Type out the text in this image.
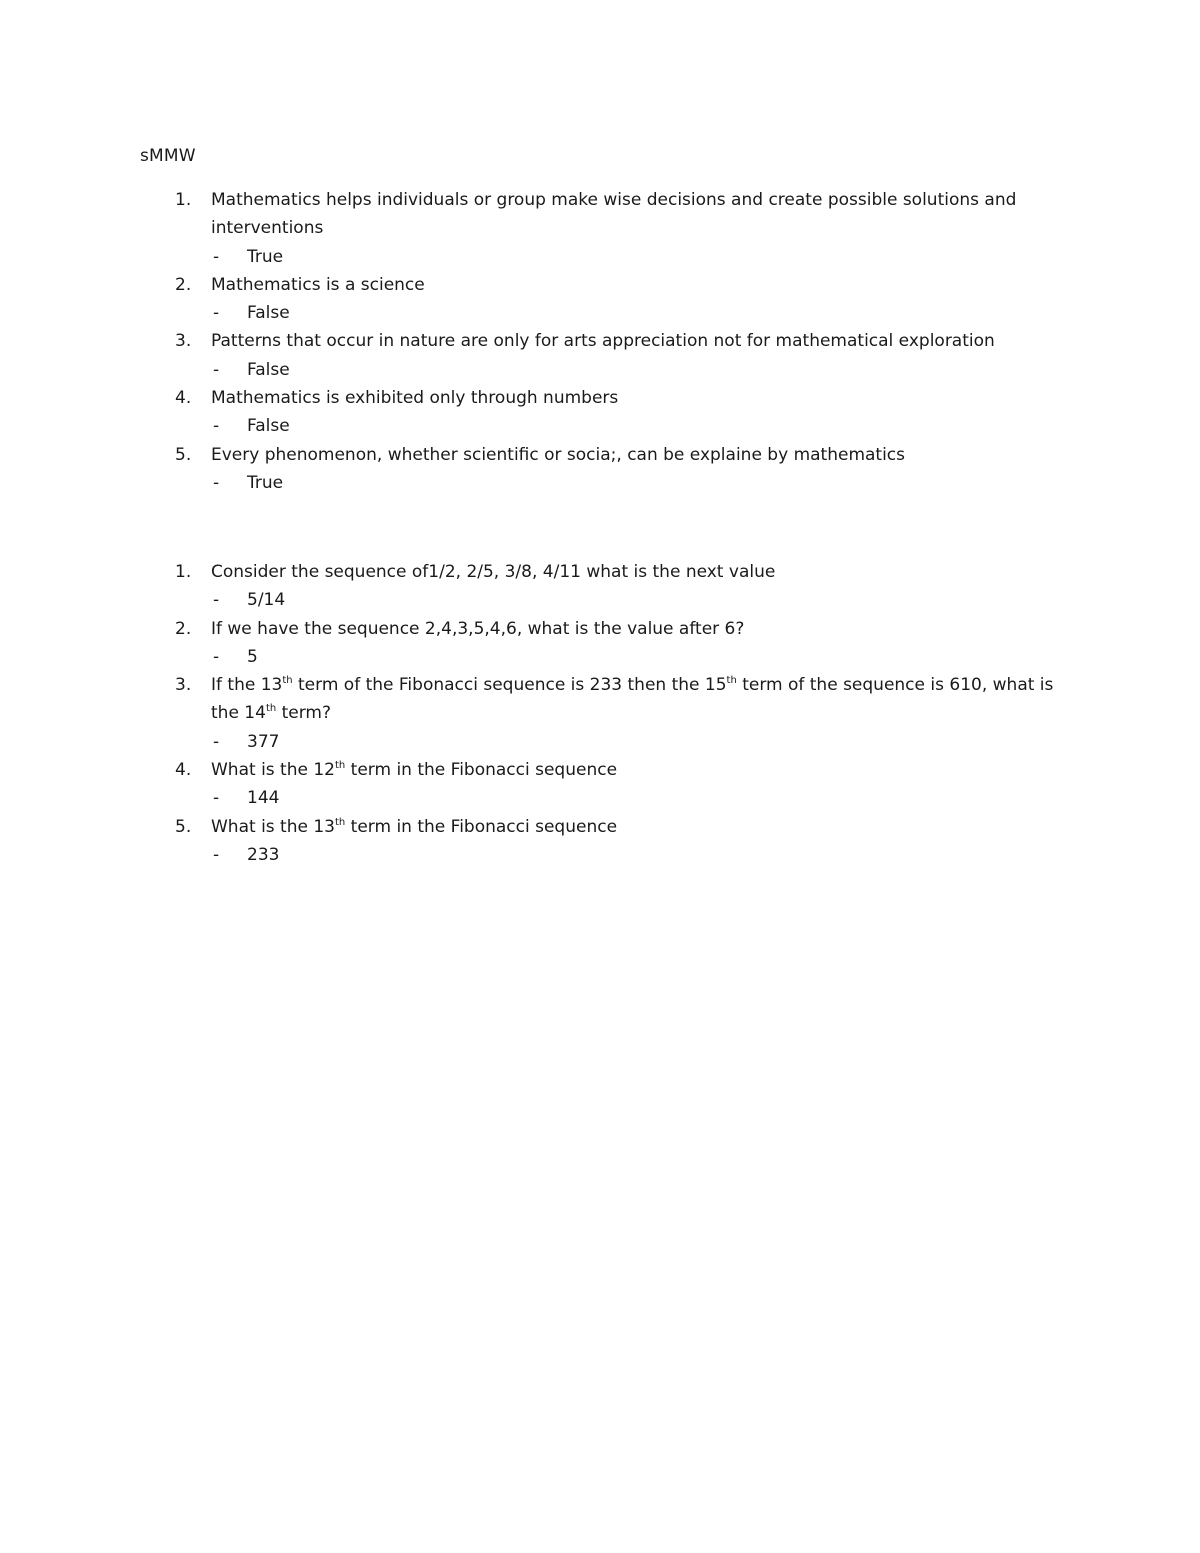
sMMW
1. Mathematics helps individuals or group make wise decisions and create possible solutions and interventions
- True
2. Mathematics is a science
- False
3. Patterns that occur in nature are only for arts appreciation not for mathematical exploration
- False
4. Mathematics is exhibited only through numbers
- False
5. Every phenomenon, whether scientific or socia;, can be explaine by mathematics
- True
1. Consider the sequence of1/2, 2/5, 3/8, 4/11 what is the next value
- 5/14
2. If we have the sequence 2,4,3,5,4,6, what is the value after 6?
- 5
3. If the 13th term of the Fibonacci sequence is 233 then the 15th term of the sequence is 610, what is the 14th term?
- 377
4. What is the 12th term in the Fibonacci sequence
- 144
5. What is the 13th term in the Fibonacci sequence
- 233
